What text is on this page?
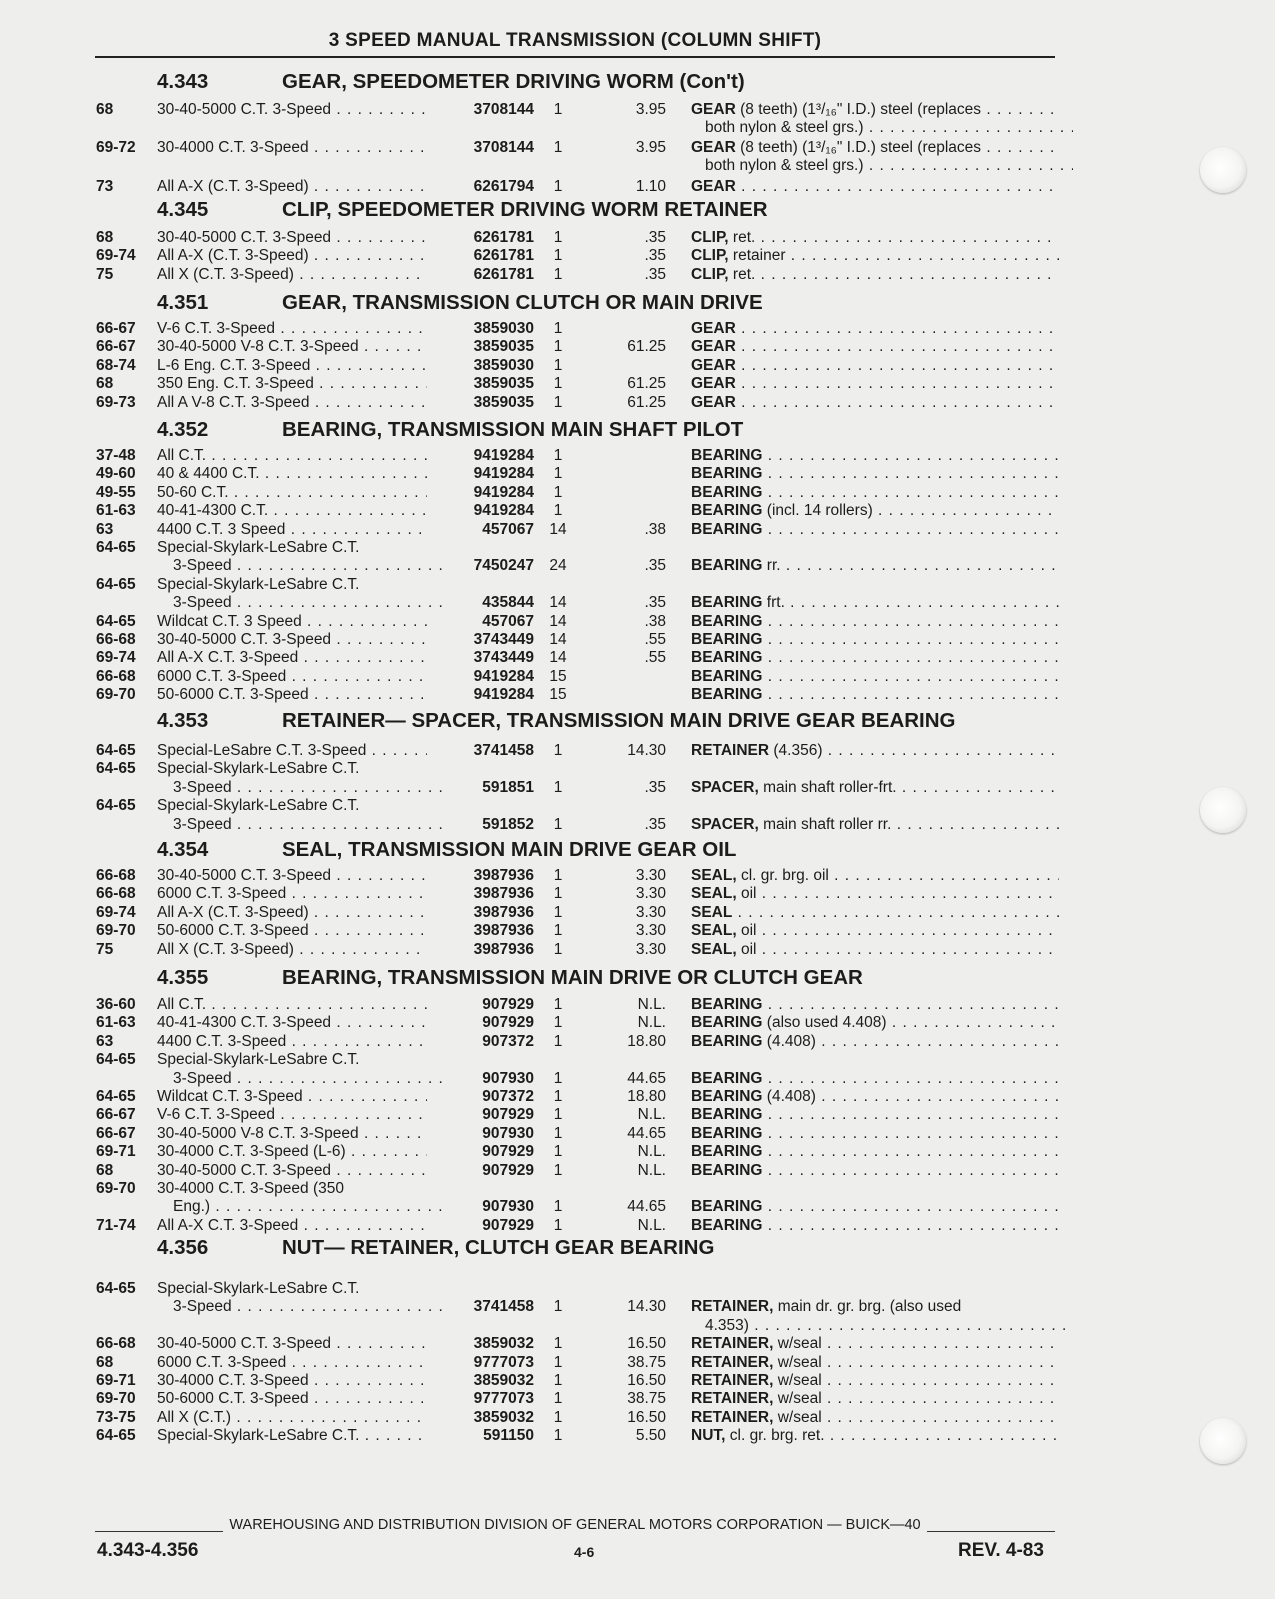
3 SPEED MANUAL TRANSMISSION (COLUMN SHIFT)
4.343	GEAR, SPEEDOMETER DRIVING WORM (Con't)
68	30-40-5000 C.T. 3-Speed . . .	3708144	1	3.95 GEAR (8 teeth) (1³/₁₆" I.D.) steel (replaces . . .
both nylon & steel grs.) . . .
69-72 30-4000 C.T. 3-Speed . . .	3708144	1	3.95 GEAR (8 teeth) (1³/₁₆" I.D.) steel (replaces . . .
both nylon & steel grs.) . . .
73	All A-X (C.T. 3-Speed) . . .	6261794	1	1.10 GEAR . . .
4.345	CLIP, SPEEDOMETER DRIVING WORM RETAINER
68	30-40-5000 C.T. 3-Speed . . .	6261781	1	.35 CLIP, ret. . . .
69-74 All A-X (C.T. 3-Speed) . . .	6261781	1	.35 CLIP, retainer . . .
75	All X (C.T. 3-Speed) . . .	6261781	1	.35 CLIP, ret. . . .
4.351	GEAR, TRANSMISSION CLUTCH OR MAIN DRIVE
66-67 V-6 C.T. 3-Speed . . .	3859030	1	GEAR . . .
66-67 30-40-5000 V-8 C.T. 3-Speed . . .	3859035	1	61.25 GEAR . . .
68-74 L-6 Eng. C.T. 3-Speed . . .	3859030	1	GEAR . . .
68	350 Eng. C.T. 3-Speed . . .	3859035	1	61.25 GEAR . . .
69-73 All A V-8 C.T. 3-Speed . . .	3859035	1	61.25 GEAR . . .
4.352	BEARING, TRANSMISSION MAIN SHAFT PILOT
37-48 All C.T. . . .	9419284	1	BEARING . . .
49-60 40 & 4400 C.T. . . .	9419284	1	BEARING . . .
49-55 50-60 C.T. . . .	9419284	1	BEARING . . .
61-63 40-41-4300 C.T. . . .	9419284	1	BEARING (incl. 14 rollers) . . .
63	4400 C.T. 3 Speed . . .	457067 14	.38 BEARING . . .
64-65 Special-Skylark-LeSabre C.T.
3-Speed . . .	7450247 24	.35 BEARING rr. . . .
64-65 Special-Skylark-LeSabre C.T.
3-Speed . . .	435844 14	.35 BEARING frt. . . .
64-65 Wildcat C.T. 3 Speed . . .	457067 14	.38 BEARING . . .
66-68 30-40-5000 C.T. 3-Speed . . .	3743449 14	.55 BEARING . . .
69-74 All A-X C.T. 3-Speed . . .	3743449 14	.55 BEARING . . .
66-68 6000 C.T. 3-Speed . . .	9419284 15	BEARING . . .
69-70 50-6000 C.T. 3-Speed . . .	9419284 15	BEARING . . .
4.353	RETAINER— SPACER, TRANSMISSION MAIN DRIVE GEAR BEARING
64-65 Special-LeSabre C.T. 3-Speed . . .	3741458	1	14.30 RETAINER (4.356) . . .
64-65 Special-Skylark-LeSabre C.T.
3-Speed . . .	591851	1	.35 SPACER, main shaft roller-frt. . . .
64-65 Special-Skylark-LeSabre C.T.
3-Speed . . .	591852	1	.35 SPACER, main shaft roller rr. . . .
4.354	SEAL, TRANSMISSION MAIN DRIVE GEAR OIL
66-68 30-40-5000 C.T. 3-Speed . . .	3987936	1	3.30 SEAL, cl. gr. brg. oil . . .
66-68 6000 C.T. 3-Speed . . .	3987936	1	3.30 SEAL, oil . . .
69-74 All A-X (C.T. 3-Speed) . . .	3987936	1	3.30 SEAL . . .
69-70 50-6000 C.T. 3-Speed . . .	3987936	1	3.30 SEAL, oil . . .
75	All X (C.T. 3-Speed) . . .	3987936	1	3.30 SEAL, oil . . .
4.355	BEARING, TRANSMISSION MAIN DRIVE OR CLUTCH GEAR
36-60 All C.T. . . .	907929	1	N.L. BEARING . . .
61-63 40-41-4300 C.T. 3-Speed . . .	907929	1	N.L. BEARING (also used 4.408) . . .
63	4400 C.T. 3-Speed . . .	907372	1	18.80 BEARING (4.408) . . .
64-65 Special-Skylark-LeSabre C.T.
3-Speed . . .	907930	1	44.65 BEARING . . .
64-65 Wildcat C.T. 3-Speed . . .	907372	1	18.80 BEARING (4.408) . . .
66-67 V-6 C.T. 3-Speed . . .	907929	1	N.L. BEARING . . .
66-67 30-40-5000 V-8 C.T. 3-Speed . . .	907930	1	44.65 BEARING . . .
69-71 30-4000 C.T. 3-Speed (L-6) . . .	907929	1	N.L. BEARING . . .
68	30-40-5000 C.T. 3-Speed . . .	907929	1	N.L. BEARING . . .
69-70 30-4000 C.T. 3-Speed (350
Eng.) . . .	907930	1	44.65 BEARING . . .
71-74 All A-X C.T. 3-Speed . . .	907929	1	N.L. BEARING . . .
4.356	NUT— RETAINER, CLUTCH GEAR BEARING
64-65 Special-Skylark-LeSabre C.T.
3-Speed . . .	3741458	1	14.30 RETAINER, main dr. gr. brg. (also used
4.353) . . .
66-68 30-40-5000 C.T. 3-Speed . . .	3859032	1	16.50 RETAINER, w/seal . . .
68	6000 C.T. 3-Speed . . .	9777073	1	38.75 RETAINER, w/seal . . .
69-71 30-4000 C.T. 3-Speed . . .	3859032	1	16.50 RETAINER, w/seal . . .
69-70 50-6000 C.T. 3-Speed . . .	9777073	1	38.75 RETAINER, w/seal . . .
73-75 All X (C.T.) . . .	3859032	1	16.50 RETAINER, w/seal . . .
64-65 Special-Skylark-LeSabre C.T. . . .	591150	1	5.50 NUT, cl. gr. brg. ret. . . .
WAREHOUSING AND DISTRIBUTION DIVISION OF GENERAL MOTORS CORPORATION — BUICK—40
4.343-4.356	4-6	REV. 4-83
